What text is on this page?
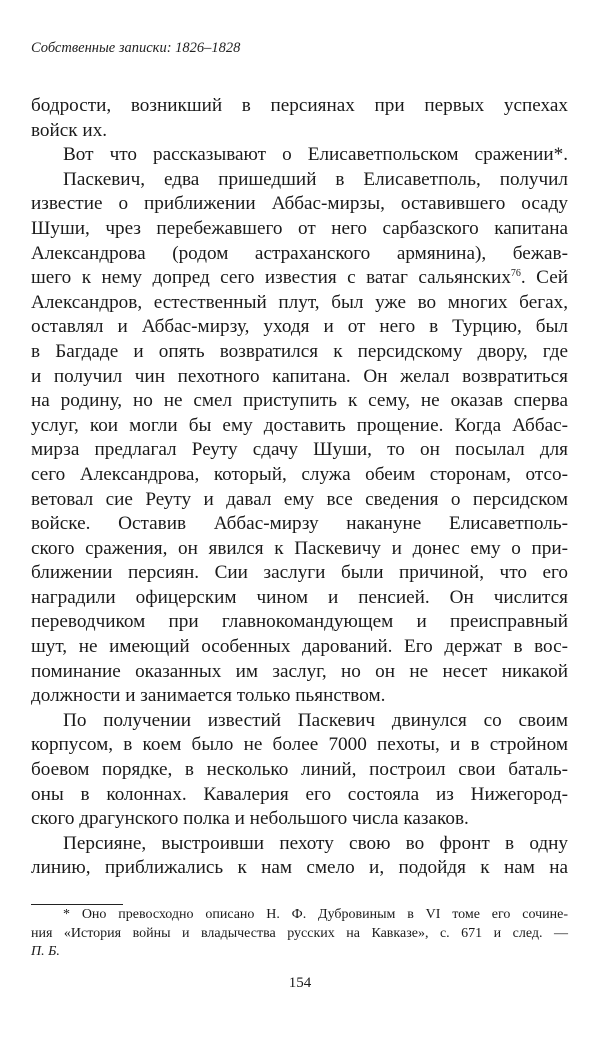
Собственные записки: 1826–1828
бодрости, возникший в персиянах при первых успехах
войск их.
Вот что рассказывают о Елисаветпольском сражении*.
Паскевич, едва пришедший в Елисаветполь, получил
известие о приближении Аббас-мирзы, оставившего осаду
Шуши, чрез перебежавшего от него сарбазского капитана
Александрова (родом астраханского армянина), бежав-
шего к нему допред сего известия с ватаг сальянских$^{76}$. Сей
Александров, естественный плут, был уже во многих бегах,
оставлял и Аббас-мирзу, уходя и от него в Турцию, был
в Багдаде и опять возвратился к персидскому двору, где
и получил чин пехотного капитана. Он желал возвратиться
на родину, но не смел приступить к сему, не оказав сперва
услуг, кои могли бы ему доставить прощение. Когда Аббас-
мирза предлагал Реуту сдачу Шуши, то он посылал для
сего Александрова, который, служа обеим сторонам, отсо-
ветовал сие Реуту и давал ему все сведения о персидском
войске. Оставив Аббас-мирзу накануне Елисаветполь-
ского сражения, он явился к Паскевичу и донес ему о при-
ближении персиян. Сии заслуги были причиной, что его
наградили офицерским чином и пенсией. Он числится
переводчиком при главнокомандующем и преисправный
шут, не имеющий особенных дарований. Его держат в вос-
поминание оказанных им заслуг, но он не несет никакой
должности и занимается только пьянством.
По получении известий Паскевич двинулся со своим
корпусом, в коем было не более 7000 пехоты, и в стройном
боевом порядке, в несколько линий, построил свои баталь-
оны в колоннах. Кавалерия его состояла из Нижегород-
ского драгунского полка и небольшого числа казаков.
Персияне, выстроивши пехоту свою во фронт в одну
линию, приближались к нам смело и, подойдя к нам на
* Оно превосходно описано Н. Ф. Дубровиным в VI томе его сочине-
ния «История войны и владычества русских на Кавказе», с. 671 и след. —
П. Б.
154
